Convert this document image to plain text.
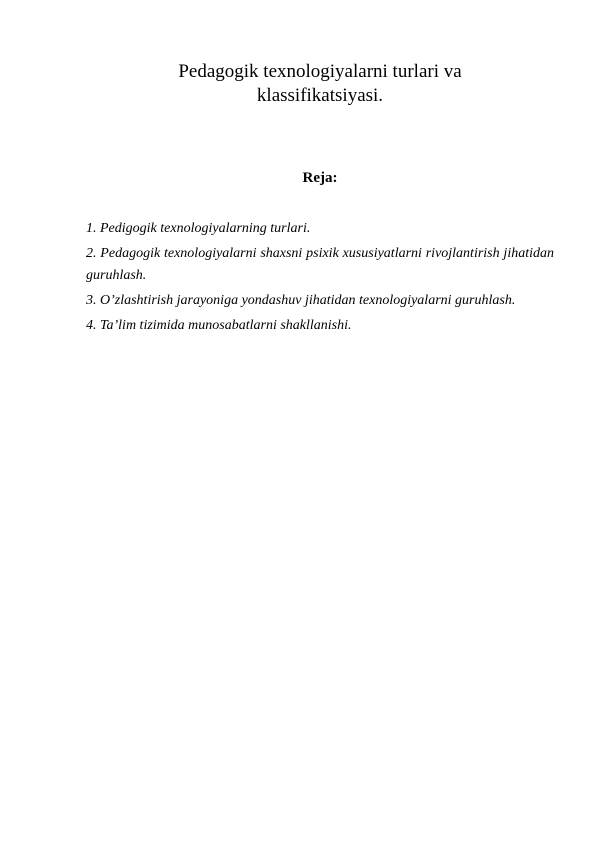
Pedagogik texnologiyalarni turlari va
klassifikatsiyasi.

Reja:

1. Pedigogik texnologiyalarning turlari.
2. Pedagogik texnologiyalarni shaxsni psixik xususiyatlarni rivojlantirish jihatidan guruhlash.
3. O’zlashtirish jarayoniga yondashuv jihatidan texnologiyalarni guruhlash.
4. Ta’lim tizimida munosabatlarni shakllanishi.
